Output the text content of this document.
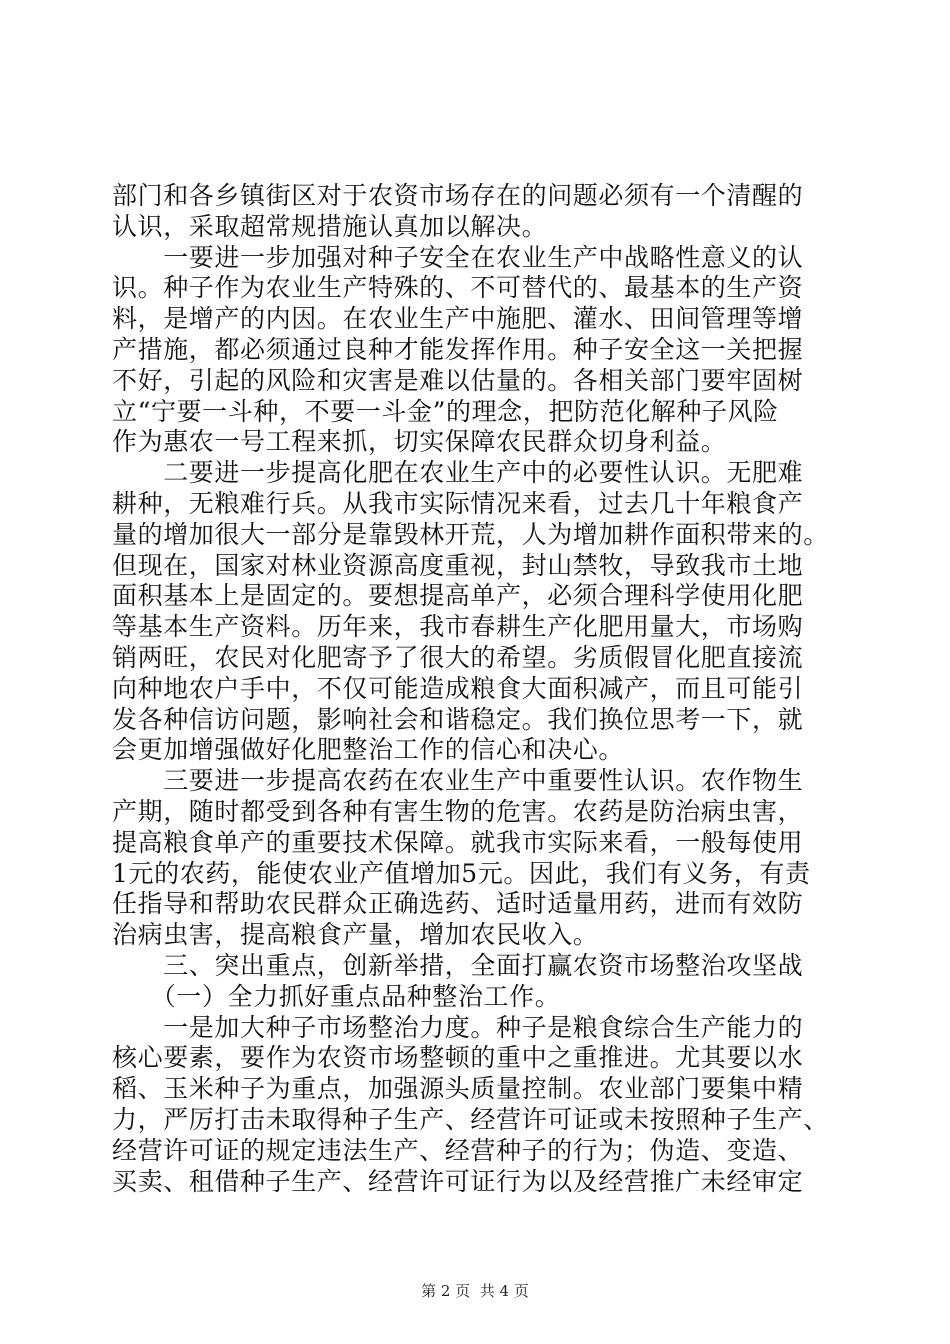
部门和各乡镇街区对于农资市场存在的问题必须有一个清醒的
认识，采取超常规措施认真加以解决。
　　一要进一步加强对种子安全在农业生产中战略性意义的认
识。种子作为农业生产特殊的、不可替代的、最基本的生产资
料，是增产的内因。在农业生产中施肥、灌水、田间管理等增
产措施，都必须通过良种才能发挥作用。种子安全这一关把握
不好，引起的风险和灾害是难以估量的。各相关部门要牢固树
立“宁要一斗种，不要一斗金”的理念，把防范化解种子风险
作为惠农一号工程来抓，切实保障农民群众切身利益。
　　二要进一步提高化肥在农业生产中的必要性认识。无肥难
耕种，无粮难行兵。从我市实际情况来看，过去几十年粮食产
量的增加很大一部分是靠毁林开荒，人为增加耕作面积带来的。
但现在，国家对林业资源高度重视，封山禁牧，导致我市土地
面积基本上是固定的。要想提高单产，必须合理科学使用化肥
等基本生产资料。历年来，我市春耕生产化肥用量大，市场购
销两旺，农民对化肥寄予了很大的希望。劣质假冒化肥直接流
向种地农户手中，不仅可能造成粮食大面积减产，而且可能引
发各种信访问题，影响社会和谐稳定。我们换位思考一下，就
会更加增强做好化肥整治工作的信心和决心。
　　三要进一步提高农药在农业生产中重要性认识。农作物生
产期，随时都受到各种有害生物的危害。农药是防治病虫害，
提高粮食单产的重要技术保障。就我市实际来看，一般每使用
1元的农药，能使农业产值增加5元。因此，我们有义务，有责
任指导和帮助农民群众正确选药、适时适量用药，进而有效防
治病虫害，提高粮食产量，增加农民收入。
　　三、突出重点，创新举措，全面打赢农资市场整治攻坚战
　　（一）全力抓好重点品种整治工作。
　　一是加大种子市场整治力度。种子是粮食综合生产能力的
核心要素，要作为农资市场整顿的重中之重推进。尤其要以水
稻、玉米种子为重点，加强源头质量控制。农业部门要集中精
力，严厉打击未取得种子生产、经营许可证或未按照种子生产、
经营许可证的规定违法生产、经营种子的行为；伪造、变造、
买卖、租借种子生产、经营许可证行为以及经营推广未经审定
第 2 页  共 4 页
